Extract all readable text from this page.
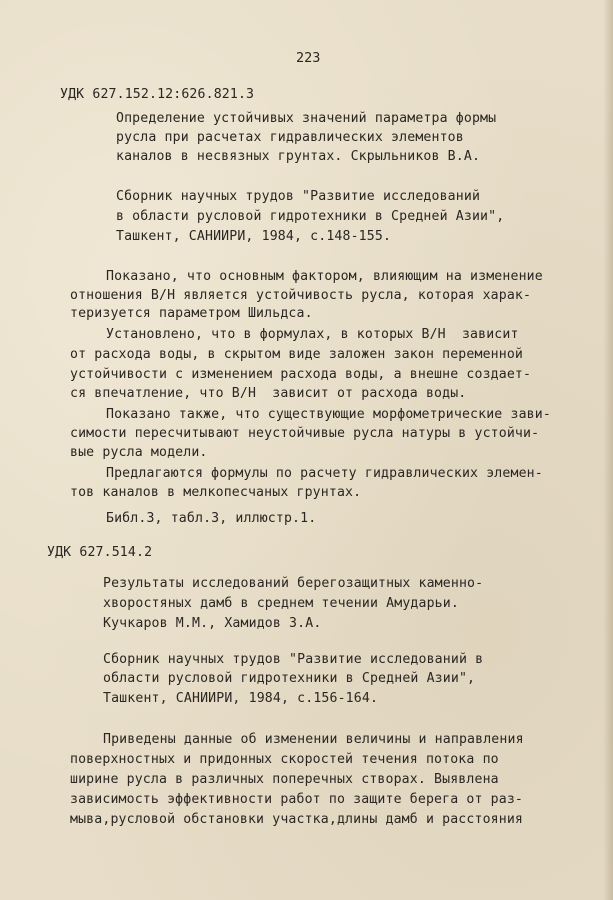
223
УДК 627.152.12:626.821.3
Определение устойчивых значений параметра формы
русла при расчетах гидравлических элементов
каналов в несвязных грунтах. Скрыльников В.А.
Сборник научных трудов "Развитие исследований
в области русловой гидротехники в Средней Азии",
Ташкент, САНИИРИ, 1984, с.148-155.
Показано, что основным фактором, влияющим на изменение
отношения B/H является устойчивость русла, которая харак-
теризуется параметром Шильдса.
Установлено, что в формулах, в которых B/H  зависит
от расхода воды, в скрытом виде заложен закон переменной
устойчивости с изменением расхода воды, а внешне создает-
ся впечатление, что B/H  зависит от расхода воды.
Показано также, что существующие морфометрические зави-
симости пересчитывают неустойчивые русла натуры в устойчи-
вые русла модели.
Предлагаются формулы по расчету гидравлических элемен-
тов каналов в мелкопесчаных грунтах.
Библ.3, табл.3, иллюстр.1.
УДК 627.514.2
Результаты исследований берегозащитных каменно-
хворостяных дамб в среднем течении Амударьи.
Кучкаров М.М., Хамидов З.А.
Сборник научных трудов "Развитие исследований в
области русловой гидротехники в Средней Азии",
Ташкент, САНИИРИ, 1984, с.156-164.
Приведены данные об изменении величины и направления
поверхностных и придонных скоростей течения потока по
ширине русла в различных поперечных створах. Выявлена
зависимость эффективности работ по защите берега от раз-
мыва,русловой обстановки участка,длины дамб и расстояния
